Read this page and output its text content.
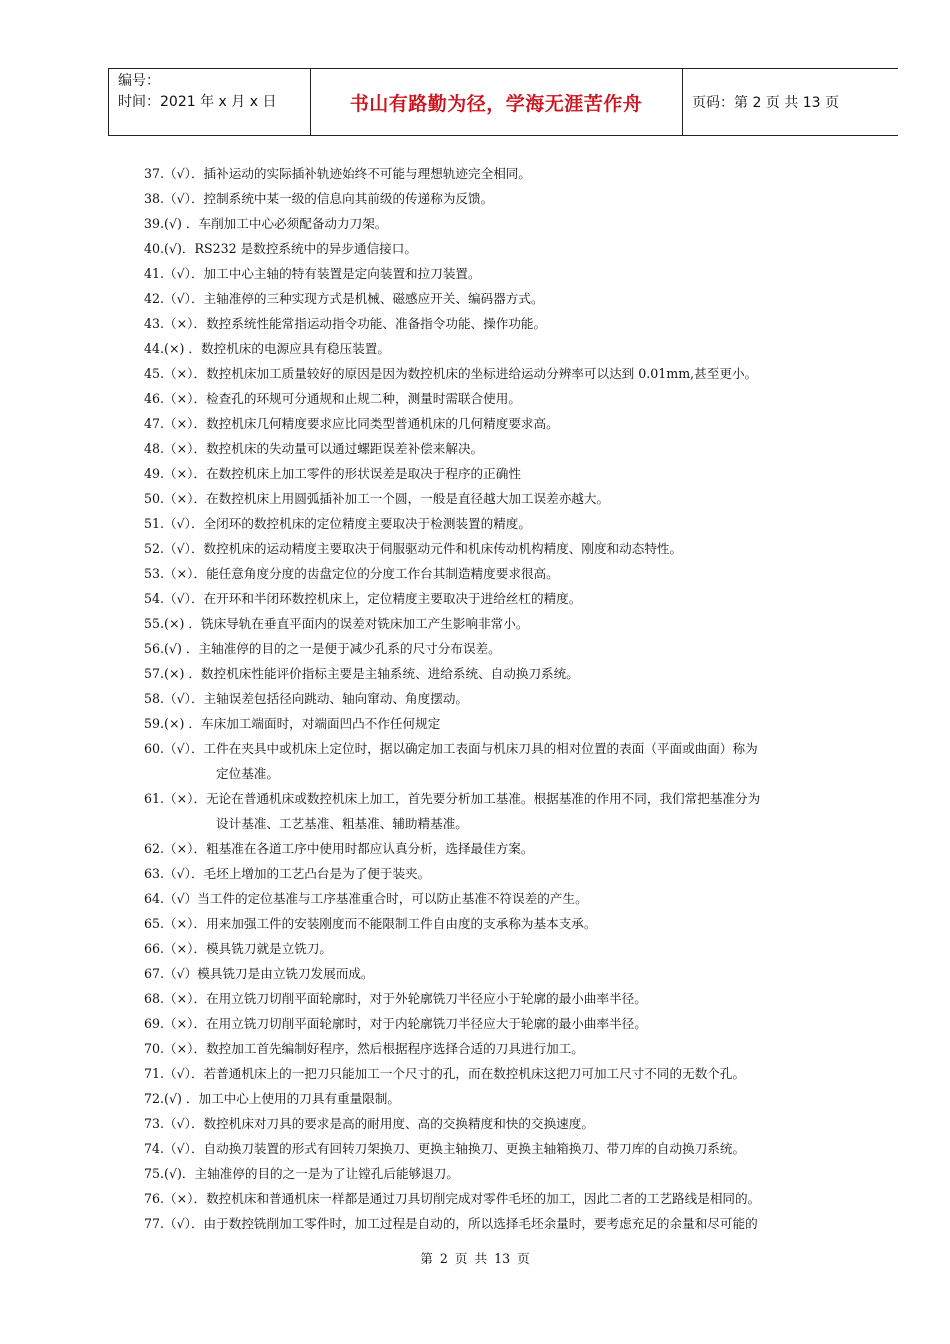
编号：
时间：2021 年 x 月 x 日	书山有路勤为径，学海无涯苦作舟	页码：第 2 页 共 13 页
37.（√）． 插补运动的实际插补轨迹始终不可能与理想轨迹完全相同。
38.（√）． 控制系统中某一级的信息向其前级的传递称为反馈。
39.(√) ． 车削加工中心必须配备动力刀架。
40.(√)． RS232 是数控系统中的异步通信接口。
41.（√）． 加工中心主轴的特有装置是定向装置和拉刀装置。
42.（√）． 主轴准停的三种实现方式是机械、磁感应开关、编码器方式。
43.（×）． 数控系统性能常指运动指令功能、准备指令功能、操作功能。
44.(×) ． 数控机床的电源应具有稳压装置。
45.（×）． 数控机床加工质量较好的原因是因为数控机床的坐标进给运动分辨率可以达到 0.01mm,甚至更小。
46.（×）． 检查孔的环规可分通规和止规二种，测量时需联合使用。
47.（×）． 数控机床几何精度要求应比同类型普通机床的几何精度要求高。
48.（×）． 数控机床的失动量可以通过螺距误差补偿来解决。
49.（×）． 在数控机床上加工零件的形状误差是取决于程序的正确性
50.（×）． 在数控机床上用圆弧插补加工一个圆，一般是直径越大加工误差亦越大。
51.（√）． 全闭环的数控机床的定位精度主要取决于检测装置的精度。
52.（√）． 数控机床的运动精度主要取决于伺服驱动元件和机床传动机构精度、刚度和动态特性。
53.（×）． 能任意角度分度的齿盘定位的分度工作台其制造精度要求很高。
54.（√）． 在开环和半闭环数控机床上，定位精度主要取决于进给丝杠的精度。
55.(×) ． 铣床导轨在垂直平面内的误差对铣床加工产生影响非常小。
56.(√) ． 主轴准停的目的之一是便于减少孔系的尺寸分布误差。
57.(×) ． 数控机床性能评价指标主要是主轴系统、进给系统、自动换刀系统。
58.（√）． 主轴误差包括径向跳动、轴向窜动、角度摆动。
59.(×) ． 车床加工端面时，对端面凹凸不作任何规定
60.（√）． 工件在夹具中或机床上定位时，据以确定加工表面与机床刀具的相对位置的表面（平面或曲面）称为
定位基准。
61.（×）． 无论在普通机床或数控机床上加工，首先要分析加工基准。根据基准的作用不同，我们常把基准分为
设计基准、工艺基准、粗基准、辅助精基准。
62.（×）． 粗基准在各道工序中使用时都应认真分析，选择最佳方案。
63.（√）． 毛坯上增加的工艺凸台是为了便于装夹。
64.（√） 当工件的定位基准与工序基准重合时，可以防止基准不符误差的产生。
65.（×）． 用来加强工件的安装刚度而不能限制工件自由度的支承称为基本支承。
66.（×）． 模具铣刀就是立铣刀。
67.（√） 模具铣刀是由立铣刀发展而成。
68.（×）． 在用立铣刀切削平面轮廓时，对于外轮廓铣刀半径应小于轮廓的最小曲率半径。
69.（×）． 在用立铣刀切削平面轮廓时，对于内轮廓铣刀半径应大于轮廓的最小曲率半径。
70.（×）． 数控加工首先编制好程序，然后根据程序选择合适的刀具进行加工。
71.（√）． 若普通机床上的一把刀只能加工一个尺寸的孔，而在数控机床这把刀可加工尺寸不同的无数个孔。
72.(√) ． 加工中心上使用的刀具有重量限制。
73.（√）． 数控机床对刀具的要求是高的耐用度、高的交换精度和快的交换速度。
74.（√）． 自动换刀装置的形式有回转刀架换刀、更换主轴换刀、更换主轴箱换刀、带刀库的自动换刀系统。
75.(√)． 主轴准停的目的之一是为了让镗孔后能够退刀。
76.（×）． 数控机床和普通机床一样都是通过刀具切削完成对零件毛坯的加工，因此二者的工艺路线是相同的。
77.（√）． 由于数控铣削加工零件时，加工过程是自动的，所以选择毛坯余量时，要考虑充足的余量和尽可能的
第 2 页 共 13 页
